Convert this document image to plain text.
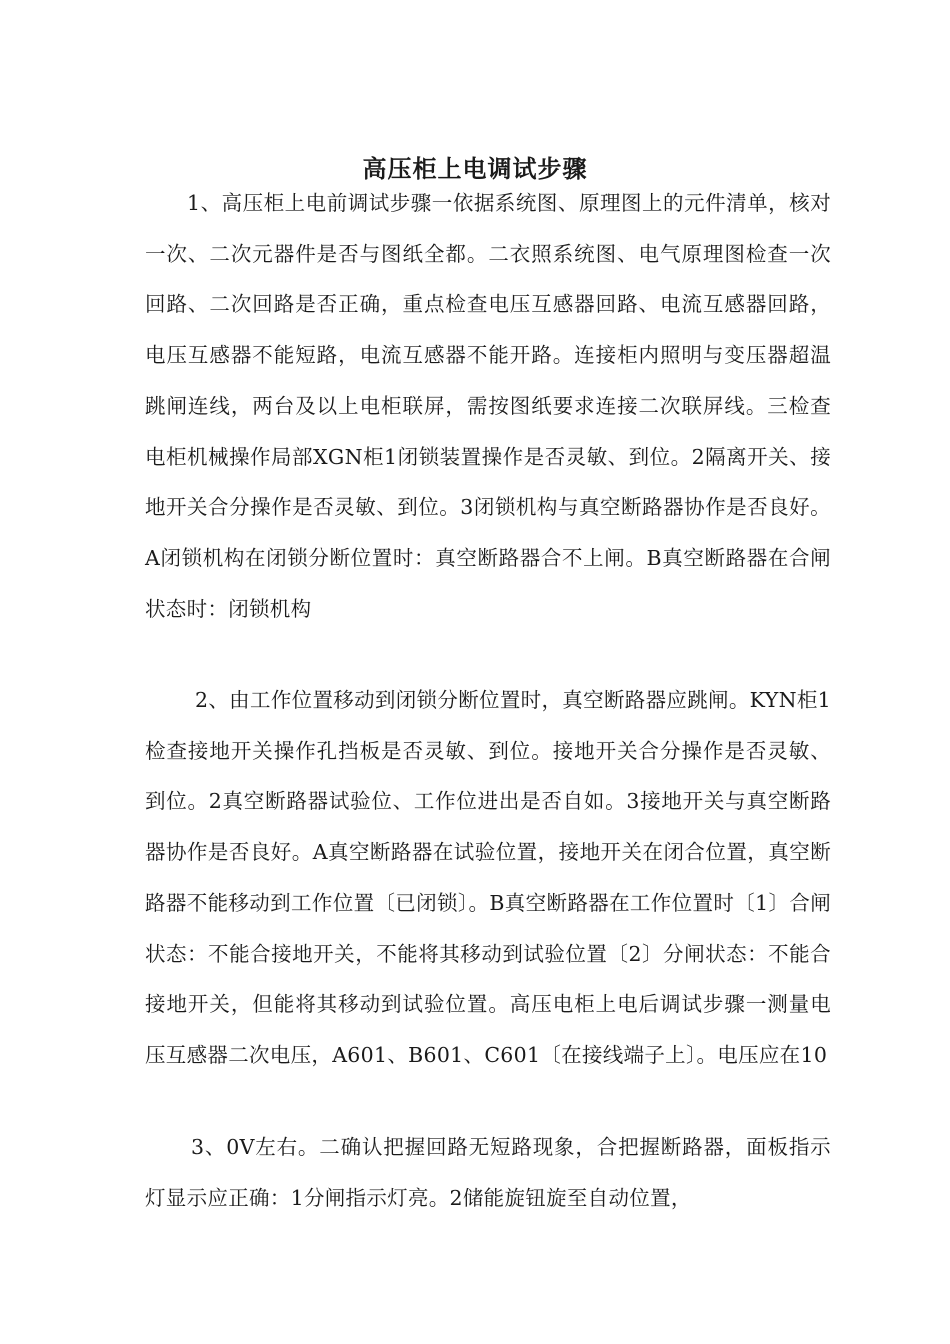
高压柜上电调试步骤

1、高压柜上电前调试步骤一依据系统图、原理图上的元件清单，核对一次、二次元器件是否与图纸全都。二衣照系统图、电气原理图检查一次回路、二次回路是否正确，重点检查电压互感器回路、电流互感器回路，电压互感器不能短路，电流互感器不能开路。连接柜内照明与变压器超温跳闸连线，两台及以上电柜联屏，需按图纸要求连接二次联屏线。三检查电柜机械操作局部XGN柜1闭锁装置操作是否灵敏、到位。2隔离开关、接地开关合分操作是否灵敏、到位。3闭锁机构与真空断路器协作是否良好。A闭锁机构在闭锁分断位置时：真空断路器合不上闸。B真空断路器在合闸状态时：闭锁机构

2、由工作位置移动到闭锁分断位置时，真空断路器应跳闸。KYN柜1检查接地开关操作孔挡板是否灵敏、到位。接地开关合分操作是否灵敏、到位。2真空断路器试验位、工作位进出是否自如。3接地开关与真空断路器协作是否良好。A真空断路器在试验位置，接地开关在闭合位置，真空断路器不能移动到工作位置〔已闭锁〕。B真空断路器在工作位置时〔1〕合闸状态：不能合接地开关，不能将其移动到试验位置〔2〕分闸状态：不能合接地开关，但能将其移动到试验位置。高压电柜上电后调试步骤一测量电压互感器二次电压，A601、B601、C601〔在接线端子上〕。电压应在10

3、0V左右。二确认把握回路无短路现象，合把握断路器，面板指示灯显示应正确：1分闸指示灯亮。2储能旋钮旋至自动位置，
